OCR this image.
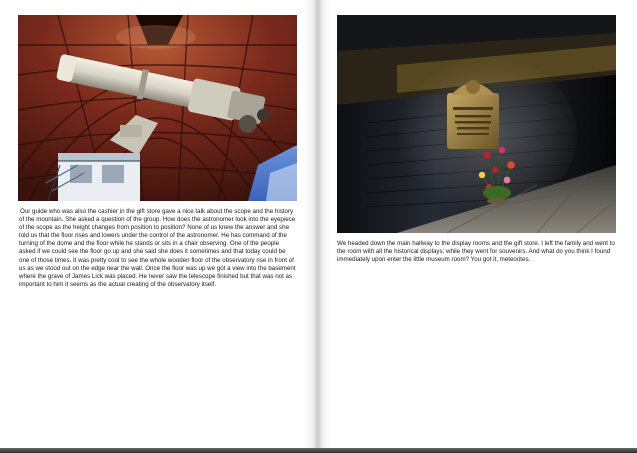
Our guide who was also the cashier in the gift store gave a nice talk about the scope and the history of the mountain. She asked a question of the group. How does the astronomer look into the eyepiece of the scope as the height changes from position to position? None of us knew the answer and she told us that the floor rises and lowers under the control of the astronomer. He has command of the turning of the dome and the floor while he stands or sits in a chair observing. One of the people asked if we could see the floor go up and she said she does it sometimes and that today could be one of those times. It was pretty cool to see the whole wooden floor of the observatory rise in front of us as we stood out on the edge near the wall. Once the floor was up we got a view into the basement where the grave of James Lick was placed. He never saw the telescope finished but that was not as important to him it seems as the actual creating of the observatory itself.

We headed down the main hallway to the display rooms and the gift store. I left the family and went to the room with all the historical displays; while they went for souvenirs. And what do you think I found immediately upon enter the little museum room? You got it, meteorites.
